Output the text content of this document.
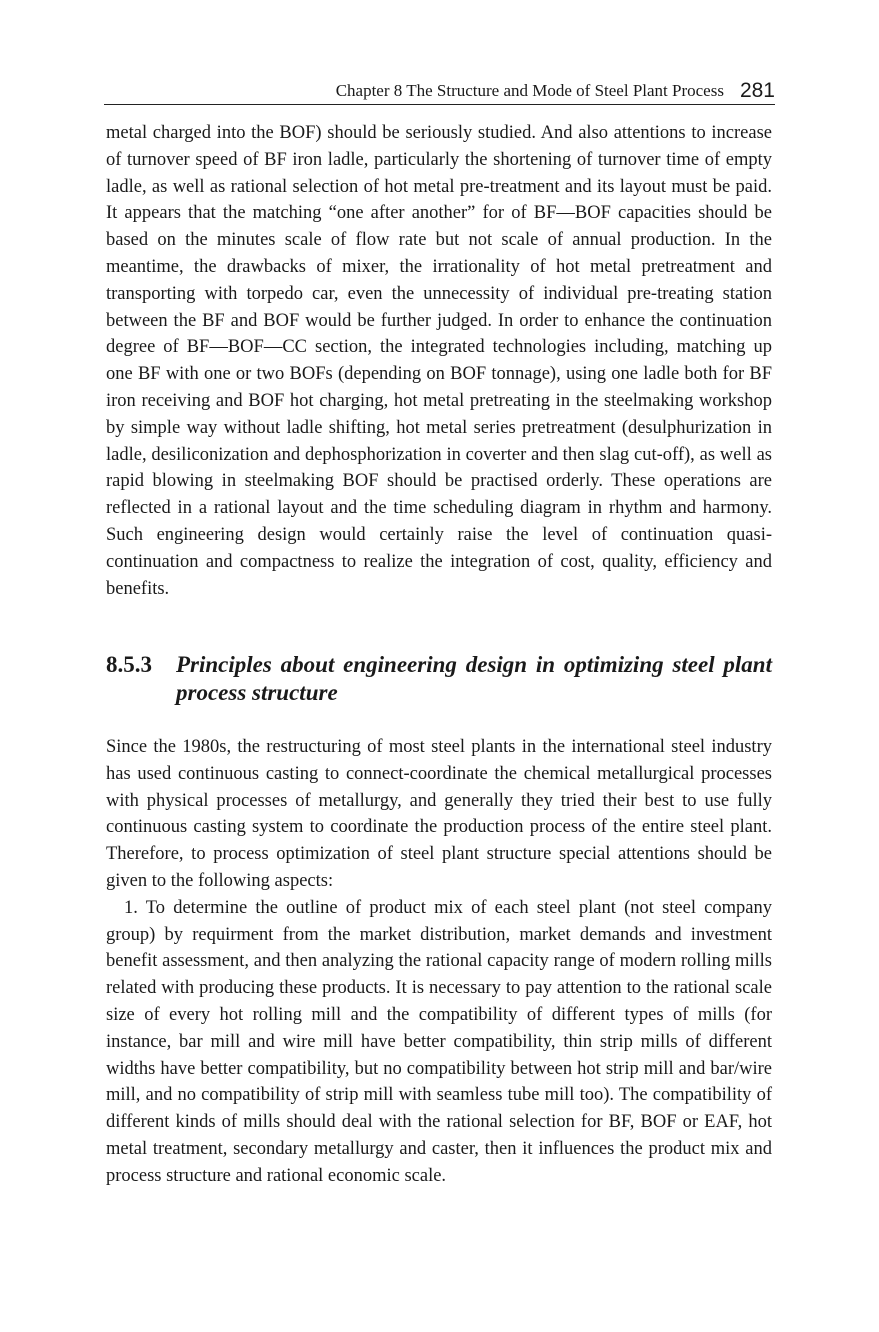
Chapter 8 The Structure and Mode of Steel Plant Process 281

metal charged into the BOF) should be seriously studied. And also attentions to increase of turnover speed of BF iron ladle, particularly the shortening of turnover time of empty ladle, as well as rational selection of hot metal pre-treatment and its layout must be paid. It appears that the matching “one after another” for of BF—BOF capacities should be based on the minutes scale of flow rate but not scale of annual production. In the meantime, the drawbacks of mixer, the irrationality of hot metal pretreatment and transporting with torpedo car, even the unnecessity of individual pre-treating station between the BF and BOF would be further judged. In order to enhance the continuation degree of BF—BOF—CC section, the integrated technologies including, matching up one BF with one or two BOFs (depending on BOF tonnage), using one ladle both for BF iron receiving and BOF hot charging, hot metal pretreating in the steelmaking workshop by simple way without ladle shifting, hot metal series pretreatment (desulphurization in ladle, desiliconization and dephosphorization in coverter and then slag cut-off), as well as rapid blowing in steelmaking BOF should be practised orderly. These operations are reflected in a rational layout and the time scheduling diagram in rhythm and harmony. Such engineering design would certainly raise the level of continuation quasi-continuation and compactness to realize the integration of cost, quality, efficiency and benefits.

8.5.3	Principles about engineering design in optimizing steel plant process structure

Since the 1980s, the restructuring of most steel plants in the international steel industry has used continuous casting to connect-coordinate the chemical metallurgical processes with physical processes of metallurgy, and generally they tried their best to use fully continuous casting system to coordinate the production process of the entire steel plant. Therefore, to process optimization of steel plant structure special attentions should be given to the following aspects:

1. To determine the outline of product mix of each steel plant (not steel company group) by requirment from the market distribution, market demands and investment benefit assessment, and then analyzing the rational capacity range of modern rolling mills related with producing these products. It is necessary to pay attention to the rational scale size of every hot rolling mill and the compatibility of different types of mills (for instance, bar mill and wire mill have better compatibility, thin strip mills of different widths have better compatibility, but no compatibility between hot strip mill and bar/wire mill, and no compatibility of strip mill with seamless tube mill too). The compatibility of different kinds of mills should deal with the rational selection for BF, BOF or EAF, hot metal treatment, secondary metallurgy and caster, then it influences the product mix and process structure and rational economic scale.
